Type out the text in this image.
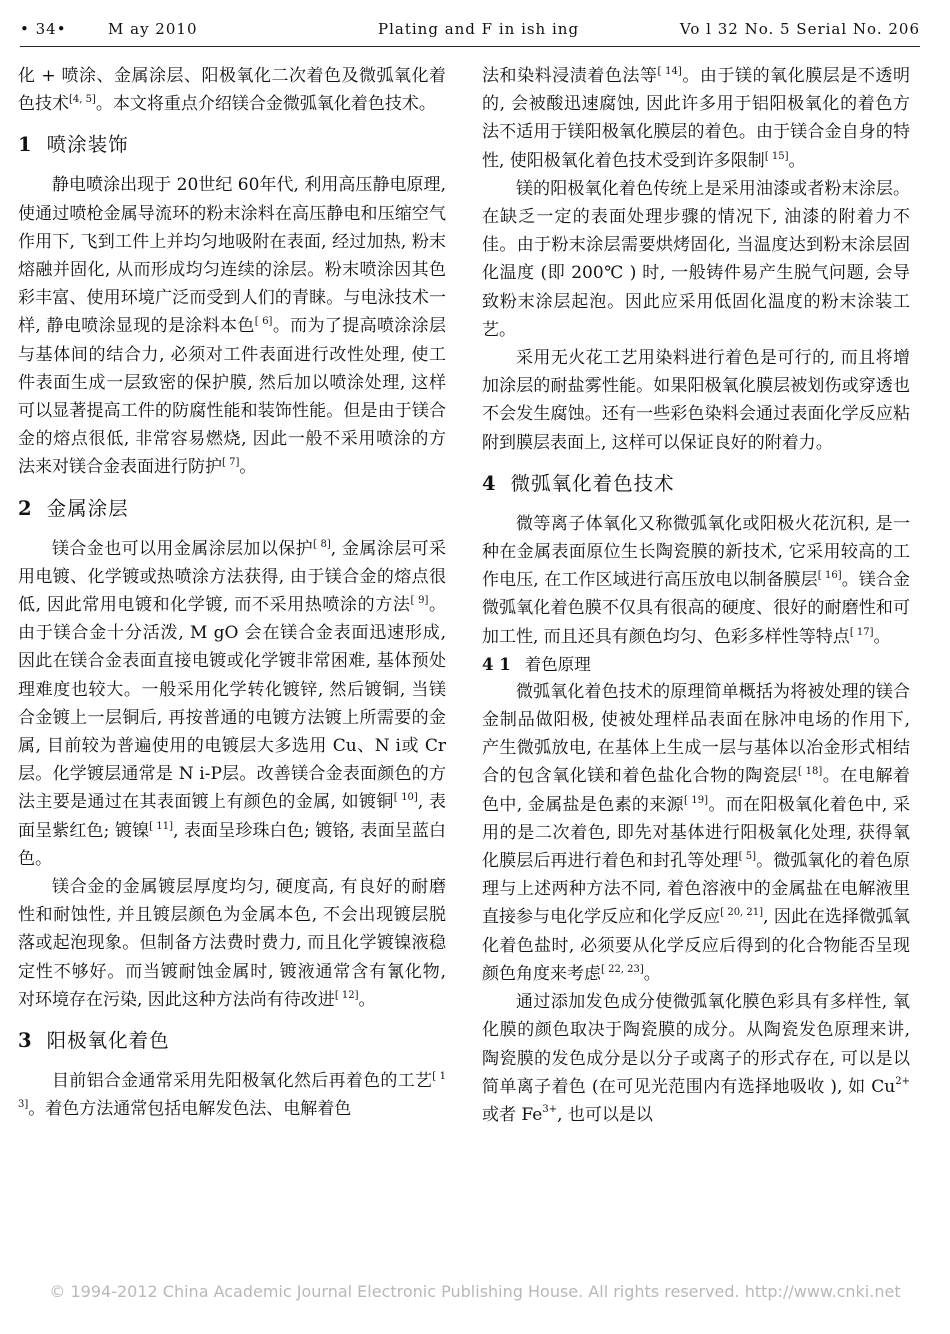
• 34•	M ay 2010	Plating and F in ish ing	Vo l 32 No. 5 Serial No. 206

化 + 喷涂、金属涂层、阳极氧化二次着色及微弧氧化着色技术[4, 5]。本文将重点介绍镁合金微弧氧化着色技术。

1 喷涂装饰

静电喷涂出现于 20世纪 60年代, 利用高压静电原理, 使通过喷枪金属导流环的粉末涂料在高压静电和压缩空气作用下, 飞到工件上并均匀地吸附在表面, 经过加热, 粉末熔融并固化, 从而形成均匀连续的涂层。粉末喷涂因其色彩丰富、使用环境广泛而受到人们的青睐。与电泳技术一样, 静电喷涂显现的是涂料本色[ 6]。而为了提高喷涂涂层与基体间的结合力, 必须对工件表面进行改性处理, 使工件表面生成一层致密的保护膜, 然后加以喷涂处理, 这样可以显著提高工件的防腐性能和装饰性能。但是由于镁合金的熔点很低, 非常容易燃烧, 因此一般不采用喷涂的方法来对镁合金表面进行防护[ 7]。

2 金属涂层

镁合金也可以用金属涂层加以保护[ 8], 金属涂层可采用电镀、化学镀或热喷涂方法获得, 由于镁合金的熔点很低, 因此常用电镀和化学镀, 而不采用热喷涂的方法[ 9]。由于镁合金十分活泼, M gO 会在镁合金表面迅速形成, 因此在镁合金表面直接电镀或化学镀非常困难, 基体预处理难度也较大。一般采用化学转化镀锌, 然后镀铜, 当镁合金镀上一层铜后, 再按普通的电镀方法镀上所需要的金属, 目前较为普遍使用的电镀层大多选用 Cu、N i或 Cr层。化学镀层通常是 N i-P层。改善镁合金表面颜色的方法主要是通过在其表面镀上有颜色的金属, 如镀铜[ 10], 表面呈紫红色; 镀镍[ 11], 表面呈珍珠白色; 镀铬, 表面呈蓝白色。

镁合金的金属镀层厚度均匀, 硬度高, 有良好的耐磨性和耐蚀性, 并且镀层颜色为金属本色, 不会出现镀层脱落或起泡现象。但制备方法费时费力, 而且化学镀镍液稳定性不够好。而当镀耐蚀金属时, 镀液通常含有氰化物, 对环境存在污染, 因此这种方法尚有待改进[ 12]。

3 阳极氧化着色

目前铝合金通常采用先阳极氧化然后再着色的工艺[ 13]。着色方法通常包括电解发色法、电解着色

法和染料浸渍着色法等[ 14]。由于镁的氧化膜层是不透明的, 会被酸迅速腐蚀, 因此许多用于铝阳极氧化的着色方法不适用于镁阳极氧化膜层的着色。由于镁合金自身的特性, 使阳极氧化着色技术受到许多限制[ 15]。

镁的阳极氧化着色传统上是采用油漆或者粉末涂层。在缺乏一定的表面处理步骤的情况下, 油漆的附着力不佳。由于粉末涂层需要烘烤固化, 当温度达到粉末涂层固化温度 (即 200℃ ) 时, 一般铸件易产生脱气问题, 会导致粉末涂层起泡。因此应采用低固化温度的粉末涂装工艺。

采用无火花工艺用染料进行着色是可行的, 而且将增加涂层的耐盐雾性能。如果阳极氧化膜层被划伤或穿透也不会发生腐蚀。还有一些彩色染料会通过表面化学反应粘附到膜层表面上, 这样可以保证良好的附着力。

4 微弧氧化着色技术

微等离子体氧化又称微弧氧化或阳极火花沉积, 是一种在金属表面原位生长陶瓷膜的新技术, 它采用较高的工作电压, 在工作区域进行高压放电以制备膜层[ 16]。镁合金微弧氧化着色膜不仅具有很高的硬度、很好的耐磨性和可加工性, 而且还具有颜色均匀、色彩多样性等特点[ 17]。

4 1 着色原理

微弧氧化着色技术的原理简单概括为将被处理的镁合金制品做阳极, 使被处理样品表面在脉冲电场的作用下, 产生微弧放电, 在基体上生成一层与基体以冶金形式相结合的包含氧化镁和着色盐化合物的陶瓷层[ 18]。在电解着色中, 金属盐是色素的来源[ 19]。而在阳极氧化着色中, 采用的是二次着色, 即先对基体进行阳极氧化处理, 获得氧化膜层后再进行着色和封孔等处理[ 5]。微弧氧化的着色原理与上述两种方法不同, 着色溶液中的金属盐在电解液里直接参与电化学反应和化学反应[ 20, 21], 因此在选择微弧氧化着色盐时, 必须要从化学反应后得到的化合物能否呈现颜色角度来考虑[ 22, 23]。

通过添加发色成分使微弧氧化膜色彩具有多样性, 氧化膜的颜色取决于陶瓷膜的成分。从陶瓷发色原理来讲, 陶瓷膜的发色成分是以分子或离子的形式存在, 可以是以简单离子着色 (在可见光范围内有选择地吸收 ), 如 $Cu^{2+}$ 或者 $Fe^{3+}$, 也可以是以

© 1994-2012 China Academic Journal Electronic Publishing House. All rights reserved. http://www.cnki.net
